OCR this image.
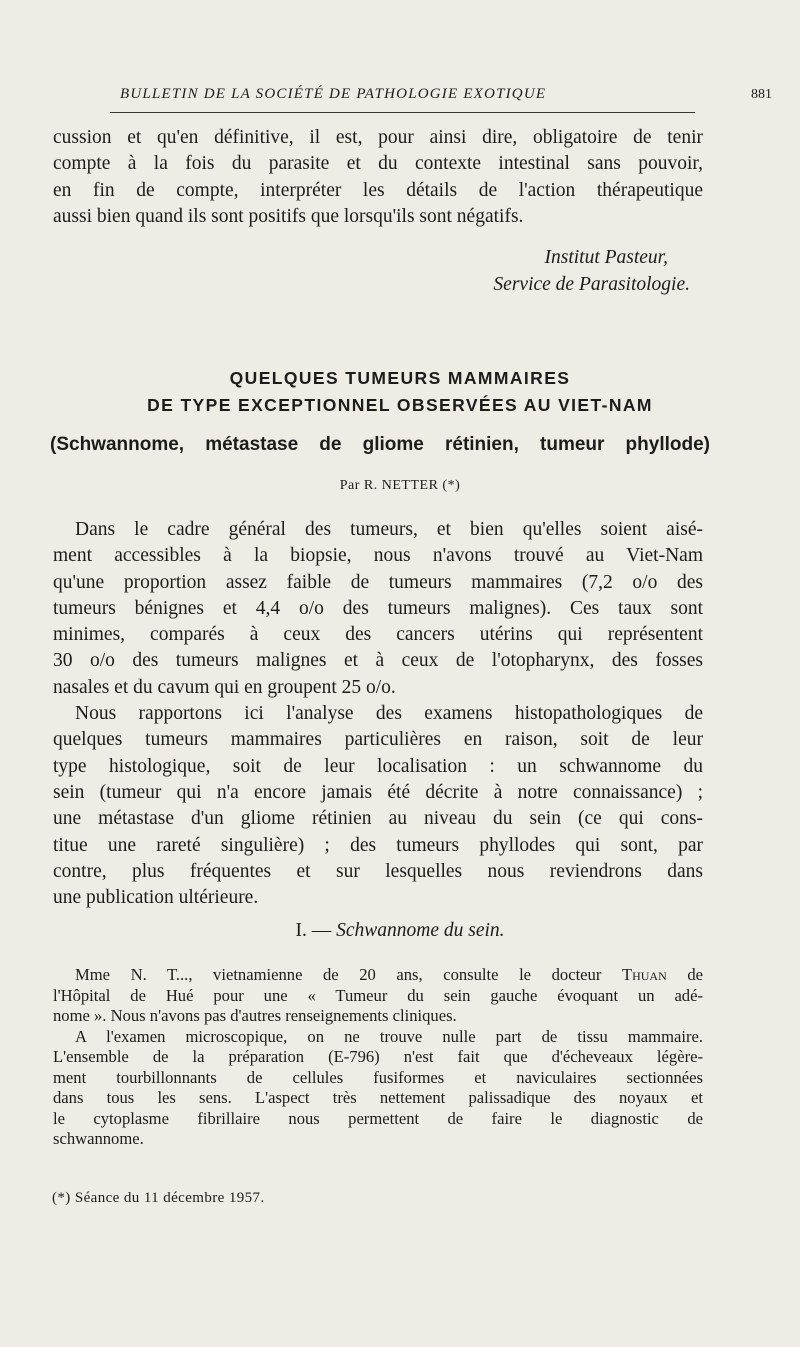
BULLETIN DE LA SOCIÉTÉ DE PATHOLOGIE EXOTIQUE	881
cussion et qu'en définitive, il est, pour ainsi dire, obligatoire de tenir
compte à la fois du parasite et du contexte intestinal sans pouvoir,
en fin de compte, interpréter les détails de l'action thérapeutique
aussi bien quand ils sont positifs que lorsqu'ils sont négatifs.
Institut Pasteur,
Service de Parasitologie.
QUELQUES TUMEURS MAMMAIRES
DE TYPE EXCEPTIONNEL OBSERVÉES AU VIET-NAM
(Schwannome, métastase de gliome rétinien, tumeur phyllode)
Par R. NETTER (*)
Dans le cadre général des tumeurs, et bien qu'elles soient aisé-
ment accessibles à la biopsie, nous n'avons trouvé au Viet-Nam
qu'une proportion assez faible de tumeurs mammaires (7,2 o/o des
tumeurs bénignes et 4,4 o/o des tumeurs malignes). Ces taux sont
minimes, comparés à ceux des cancers utérins qui représentent
30 o/o des tumeurs malignes et à ceux de l'otopharynx, des fosses
nasales et du cavum qui en groupent 25 o/o.
Nous rapportons ici l'analyse des examens histopathologiques de
quelques tumeurs mammaires particulières en raison, soit de leur
type histologique, soit de leur localisation : un schwannome du
sein (tumeur qui n'a encore jamais été décrite à notre connaissance) ;
une métastase d'un gliome rétinien au niveau du sein (ce qui cons-
titue une rareté singulière) ; des tumeurs phyllodes qui sont, par
contre, plus fréquentes et sur lesquelles nous reviendrons dans
une publication ultérieure.
I. — Schwannome du sein.
Mme N. T..., vietnamienne de 20 ans, consulte le docteur Thuan de
l'Hôpital de Hué pour une « Tumeur du sein gauche évoquant un adé-
nome ». Nous n'avons pas d'autres renseignements cliniques.
A l'examen microscopique, on ne trouve nulle part de tissu mammaire.
L'ensemble de la préparation (E-796) n'est fait que d'écheveaux légère-
ment tourbillonnants de cellules fusiformes et naviculaires sectionnées
dans tous les sens. L'aspect très nettement palissadique des noyaux et
le cytoplasme fibrillaire nous permettent de faire le diagnostic de
schwannome.
(*) Séance du 11 décembre 1957.
